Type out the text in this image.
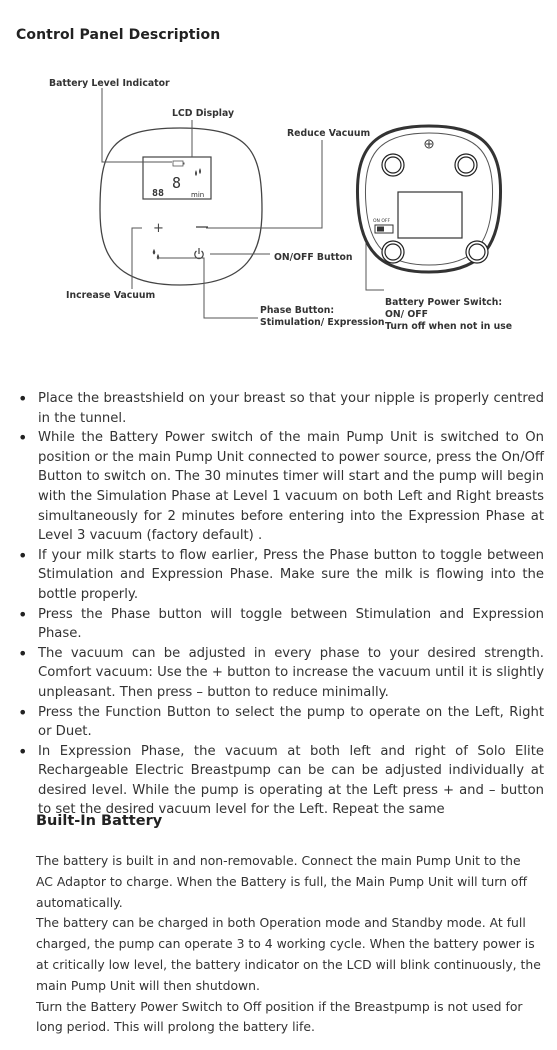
Control Panel Description
8
88	min
+	ON OFF
Battery Level Indicator
LCD Display
Reduce Vacuum
ON/OFF Button
Increase Vacuum
Phase Button:
Stimulation/ Expression
Battery Power Switch:
ON/ OFF
Turn off when not in use
• Place the breastshield on your breast so that your nipple is properly centred in the tunnel.
• While the Battery Power switch of the main Pump Unit is switched to On position or the main Pump Unit connected to power source, press the On/Off Button to switch on. The 30 minutes timer will start and the pump will begin with the Simulation Phase at Level 1 vacuum on both Left and Right breasts simultaneously for 2 minutes before entering into the Expression Phase at Level 3 vacuum (factory default) .
• If your milk starts to flow earlier, Press the Phase button to toggle between Stimulation and Expression Phase. Make sure the milk is flowing into the bottle properly.
• Press the Phase button will toggle between Stimulation and Expression Phase.
• The vacuum can be adjusted in every phase to your desired strength. Comfort vacuum: Use the + button to increase the vacuum until it is slightly unpleasant. Then press – button to reduce minimally.
• Press the Function Button to select the pump to operate on the Left, Right or Duet.
• In Expression Phase, the vacuum at both left and right of Solo Elite Rechargeable Electric Breastpump can be can be adjusted individually at desired level. While the pump is operating at the Left press + and – button to set the desired vacuum level for the Left. Repeat the same
Built-In Battery

The battery is built in and non-removable. Connect the main Pump Unit to the AC Adaptor to charge. When the Battery is full, the Main Pump Unit will turn off automatically.

The battery can be charged in both Operation mode and Standby mode. At full charged, the pump can operate 3 to 4 working cycle. When the battery power is at critically low level, the battery indicator on the LCD will blink continuously, the main Pump Unit will then shutdown.

Turn the Battery Power Switch to Off position if the Breastpump is not used for long period. This will prolong the battery life.
